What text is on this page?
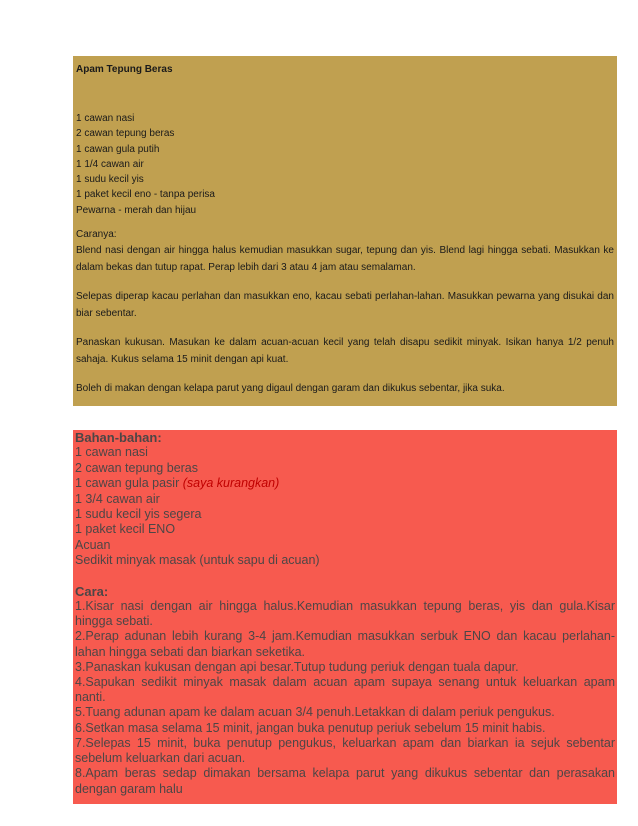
Apam Tepung Beras

1 cawan nasi

2 cawan tepung beras

1 cawan gula putih

1 1/4 cawan air

1 sudu kecil yis

1 paket kecil eno - tanpa perisa

Pewarna - merah dan hijau

Caranya:

Blend nasi dengan air hingga halus kemudian masukkan sugar, tepung dan yis. Blend lagi hingga sebati. Masukkan ke dalam bekas dan tutup rapat. Perap lebih dari 3 atau 4 jam atau semalaman.

Selepas diperap kacau perlahan dan masukkan eno, kacau sebati perlahan-lahan. Masukkan pewarna yang disukai dan biar sebentar.

Panaskan kukusan. Masukan ke dalam acuan-acuan kecil yang telah disapu sedikit minyak. Isikan hanya 1/2 penuh sahaja. Kukus selama 15 minit dengan api kuat.

Boleh di makan dengan kelapa parut yang digaul dengan garam dan dikukus sebentar, jika suka.

Bahan-bahan:

1 cawan nasi

2 cawan tepung beras

1 cawan gula pasir (saya kurangkan)

1 3/4 cawan air

1 sudu kecil yis segera

1 paket kecil ENO

Acuan

Sedikit minyak masak (untuk sapu di acuan)

Cara:

1.Kisar nasi dengan air hingga halus.Kemudian masukkan tepung beras, yis dan gula.Kisar hingga sebati.

2.Perap adunan lebih kurang 3-4 jam.Kemudian masukkan serbuk ENO dan kacau perlahan-lahan hingga sebati dan biarkan seketika.

3.Panaskan kukusan dengan api besar.Tutup tudung periuk dengan tuala dapur.

4.Sapukan sedikit minyak masak dalam acuan apam supaya senang untuk keluarkan apam nanti.

5.Tuang adunan apam ke dalam acuan 3/4 penuh.Letakkan di dalam periuk pengukus.

6.Setkan masa selama 15 minit, jangan buka penutup periuk sebelum 15 minit habis.

7.Selepas 15 minit, buka penutup pengukus, keluarkan apam dan biarkan ia sejuk sebentar sebelum keluarkan dari acuan.

8.Apam beras sedap dimakan bersama kelapa parut yang dikukus sebentar dan perasakan dengan garam halu
